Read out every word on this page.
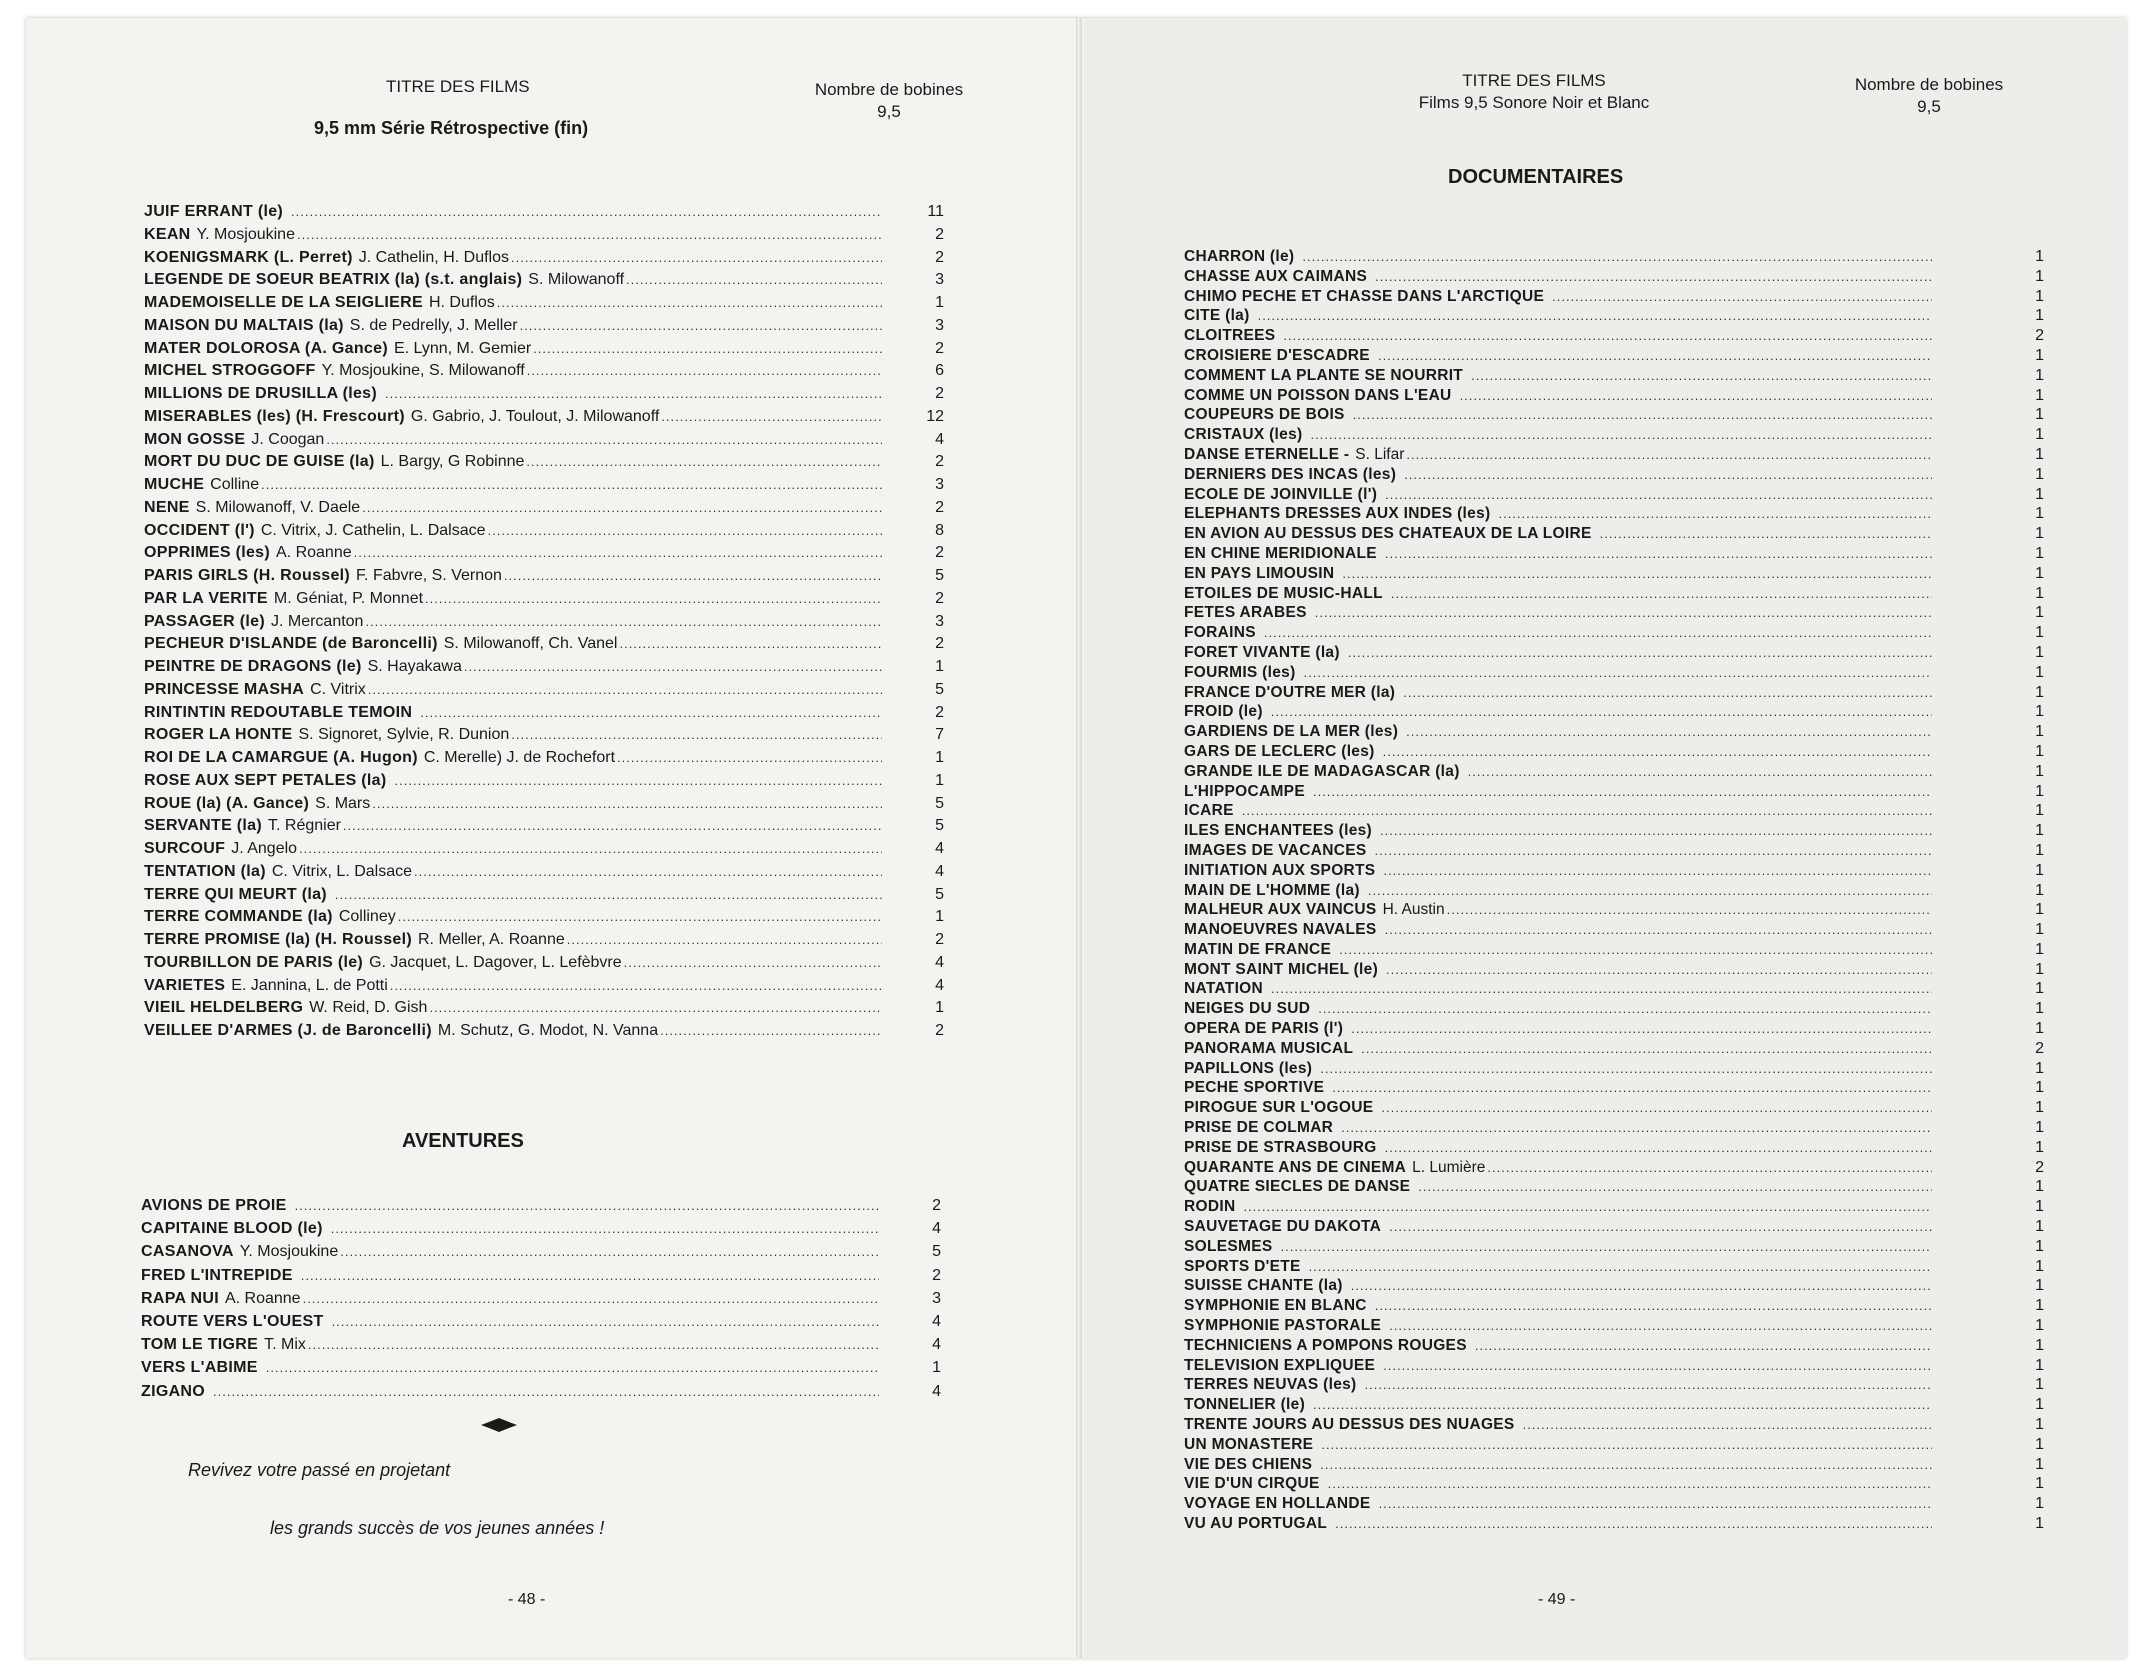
TITRE DES FILMS	Nombre de bobines
9,5
9,5 mm Série Rétrospective (fin)
JUIF ERRANT (le) .....	11
KEAN Y. Mosjoukine .....	2
KOENIGSMARK (L. Perret) J. Cathelin, H. Duflos .....	2
LEGENDE DE SOEUR BEATRIX (la) (s.t. anglais) S. Milowanoff .....	3
MADEMOISELLE DE LA SEIGLIERE H. Duflos .....	1
MAISON DU MALTAIS (la) S. de Pedrelly, J. Meller .....	3
MATER DOLOROSA (A. Gance) E. Lynn, M. Gemier .....	2
MICHEL STROGGOFF Y. Mosjoukine, S. Milowanoff .....	6
MILLIONS DE DRUSILLA (les) .....	2
MISERABLES (les) (H. Frescourt) G. Gabrio, J. Toulout, J. Milowanoff .....	12
MON GOSSE J. Coogan .....	4
MORT DU DUC DE GUISE (la) L. Bargy, G Robinne .....	2
MUCHE Colline .....	3
NENE S. Milowanoff, V. Daele .....	2
OCCIDENT (l') C. Vitrix, J. Cathelin, L. Dalsace .....	8
OPPRIMES (les) A. Roanne .....	2
PARIS GIRLS (H. Roussel) F. Fabvre, S. Vernon .....	5
PAR LA VERITE M. Géniat, P. Monnet .....	2
PASSAGER (le) J. Mercanton .....	3
PECHEUR D'ISLANDE (de Baroncelli) S. Milowanoff, Ch. Vanel .....	2
PEINTRE DE DRAGONS (le) S. Hayakawa .....	1
PRINCESSE MASHA C. Vitrix .....	5
RINTINTIN REDOUTABLE TEMOIN .....	2
ROGER LA HONTE S. Signoret, Sylvie, R. Dunion .....	7
ROI DE LA CAMARGUE (A. Hugon) C. Merelle) J. de Rochefort .....	1
ROSE AUX SEPT PETALES (la) .....	1
ROUE (la) (A. Gance) S. Mars .....	5
SERVANTE (la) T. Régnier .....	5
SURCOUF J. Angelo .....	4
TENTATION (la) C. Vitrix, L. Dalsace .....	4
TERRE QUI MEURT (la) .....	5
TERRE COMMANDE (la) Colliney .....	1
TERRE PROMISE (la) (H. Roussel) R. Meller, A. Roanne .....	2
TOURBILLON DE PARIS (le) G. Jacquet, L. Dagover, L. Lefèbvre .....	4
VARIETES E. Jannina, L. de Potti .....	4
VIEIL HELDELBERG W. Reid, D. Gish .....	1
VEILLEE D'ARMES (J. de Baroncelli) M. Schutz, G. Modot, N. Vanna .....	2
AVENTURES
AVIONS DE PROIE .....	2
CAPITAINE BLOOD (le) .....	4
CASANOVA Y. Mosjoukine .....	5
FRED L'INTREPIDE .....	2
RAPA NUI A. Roanne .....	3
ROUTE VERS L'OUEST .....	4
TOM LE TIGRE T. Mix .....	4
VERS L'ABIME .....	1
ZIGANO .....	4
Revivez votre passé en projetant
les grands succès de vos jeunes années !
- 48 -
TITRE DES FILMS
Films 9,5 Sonore Noir et Blanc
Nombre de bobines
9,5
DOCUMENTAIRES
CHARRON (le) .....	1
CHASSE AUX CAIMANS .....	1
CHIMO PECHE ET CHASSE DANS L'ARCTIQUE .....	1
CITE (la) .....	1
CLOITREES .....	2
CROISIERE D'ESCADRE .....	1
COMMENT LA PLANTE SE NOURRIT .....	1
COMME UN POISSON DANS L'EAU .....	1
COUPEURS DE BOIS .....	1
CRISTAUX (les) .....	1
DANSE ETERNELLE - S. Lifar .....	1
DERNIERS DES INCAS (les) .....	1
ECOLE DE JOINVILLE (l') .....	1
ELEPHANTS DRESSES AUX INDES (les) .....	1
EN AVION AU DESSUS DES CHATEAUX DE LA LOIRE .....	1
EN CHINE MERIDIONALE .....	1
EN PAYS LIMOUSIN .....	1
ETOILES DE MUSIC-HALL .....	1
FETES ARABES .....	1
FORAINS .....	1
FORET VIVANTE (la) .....	1
FOURMIS (les) .....	1
FRANCE D'OUTRE MER (la) .....	1
FROID (le) .....	1
GARDIENS DE LA MER (les) .....	1
GARS DE LECLERC (les) .....	1
GRANDE ILE DE MADAGASCAR (la) .....	1
L'HIPPOCAMPE .....	1
ICARE .....	1
ILES ENCHANTEES (les) .....	1
IMAGES DE VACANCES .....	1
INITIATION AUX SPORTS .....	1
MAIN DE L'HOMME (la) .....	1
MALHEUR AUX VAINCUS H. Austin .....	1
MANOEUVRES NAVALES .....	1
MATIN DE FRANCE .....	1
MONT SAINT MICHEL (le) .....	1
NATATION .....	1
NEIGES DU SUD .....	1
OPERA DE PARIS (l') .....	1
PANORAMA MUSICAL .....	2
PAPILLONS (les) .....	1
PECHE SPORTIVE .....	1
PIROGUE SUR L'OGOUE .....	1
PRISE DE COLMAR .....	1
PRISE DE STRASBOURG .....	1
QUARANTE ANS DE CINEMA L. Lumière .....	2
QUATRE SIECLES DE DANSE .....	1
RODIN .....	1
SAUVETAGE DU DAKOTA .....	1
SOLESMES .....	1
SPORTS D'ETE .....	1
SUISSE CHANTE (la) .....	1
SYMPHONIE EN BLANC .....	1
SYMPHONIE PASTORALE .....	1
TECHNICIENS A POMPONS ROUGES .....	1
TELEVISION EXPLIQUEE .....	1
TERRES NEUVAS (les) .....	1
TONNELIER (le) .....	1
TRENTE JOURS AU DESSUS DES NUAGES .....	1
UN MONASTERE .....	1
VIE DES CHIENS .....	1
VIE D'UN CIRQUE .....	1
VOYAGE EN HOLLANDE .....	1
VU AU PORTUGAL .....	1
- 49 -
